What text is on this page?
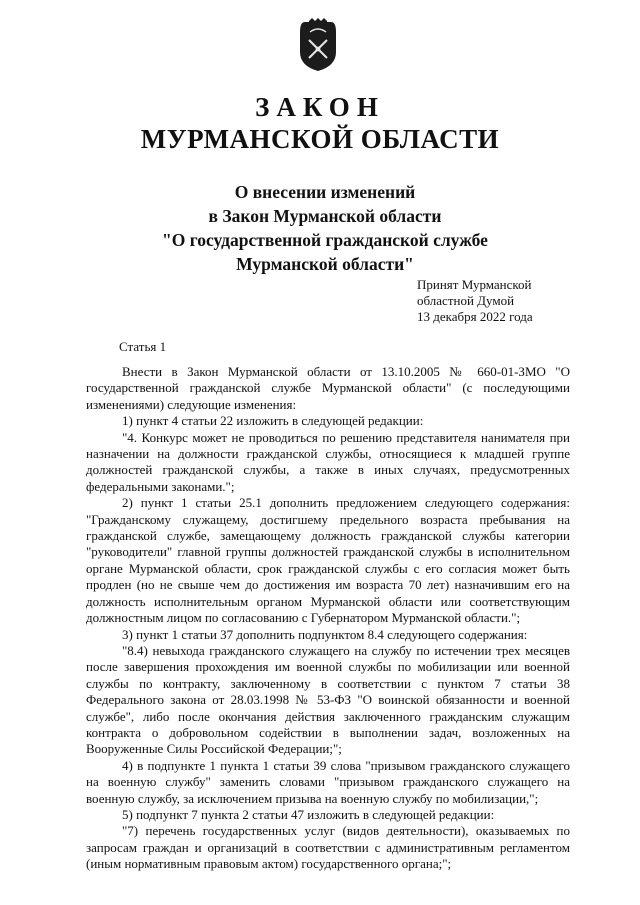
ЗАКОН
МУРМАНСКОЙ ОБЛАСТИ
О внесении изменений
в Закон Мурманской области
"О государственной гражданской службе
Мурманской области"
Принят Мурманской
областной Думой
13 декабря 2022 года
Статья 1

Внести в Закон Мурманской области от 13.10.2005 № 660-01-ЗМО "О государственной гражданской службе Мурманской области" (с последующими изменениями) следующие изменения:

1) пункт 4 статьи 22 изложить в следующей редакции:

"4. Конкурс может не проводиться по решению представителя нанимателя при назначении на должности гражданской службы, относящиеся к младшей группе должностей гражданской службы, а также в иных случаях, предусмотренных федеральными законами.";

2) пункт 1 статьи 25.1 дополнить предложением следующего содержания: "Гражданскому служащему, достигшему предельного возраста пребывания на гражданской службе, замещающему должность гражданской службы категории "руководители" главной группы должностей гражданской службы в исполнительном органе Мурманской области, срок гражданской службы с его согласия может быть продлен (но не свыше чем до достижения им возраста 70 лет) назначившим его на должность исполнительным органом Мурманской области или соответствующим должностным лицом по согласованию с Губернатором Мурманской области.";

3) пункт 1 статьи 37 дополнить подпунктом 8.4 следующего содержания:

"8.4) невыхода гражданского служащего на службу по истечении трех месяцев после завершения прохождения им военной службы по мобилизации или военной службы по контракту, заключенному в соответствии с пунктом 7 статьи 38 Федерального закона от 28.03.1998 № 53-ФЗ "О воинской обязанности и военной службе", либо после окончания действия заключенного гражданским служащим контракта о добровольном содействии в выполнении задач, возложенных на Вооруженные Силы Российской Федерации;";

4) в подпункте 1 пункта 1 статьи 39 слова "призывом гражданского служащего на военную службу" заменить словами "призывом гражданского служащего на военную службу, за исключением призыва на военную службу по мобилизации,";

5) подпункт 7 пункта 2 статьи 47 изложить в следующей редакции:

"7) перечень государственных услуг (видов деятельности), оказываемых по запросам граждан и организаций в соответствии с административным регламентом (иным нормативным правовым актом) государственного органа;";
